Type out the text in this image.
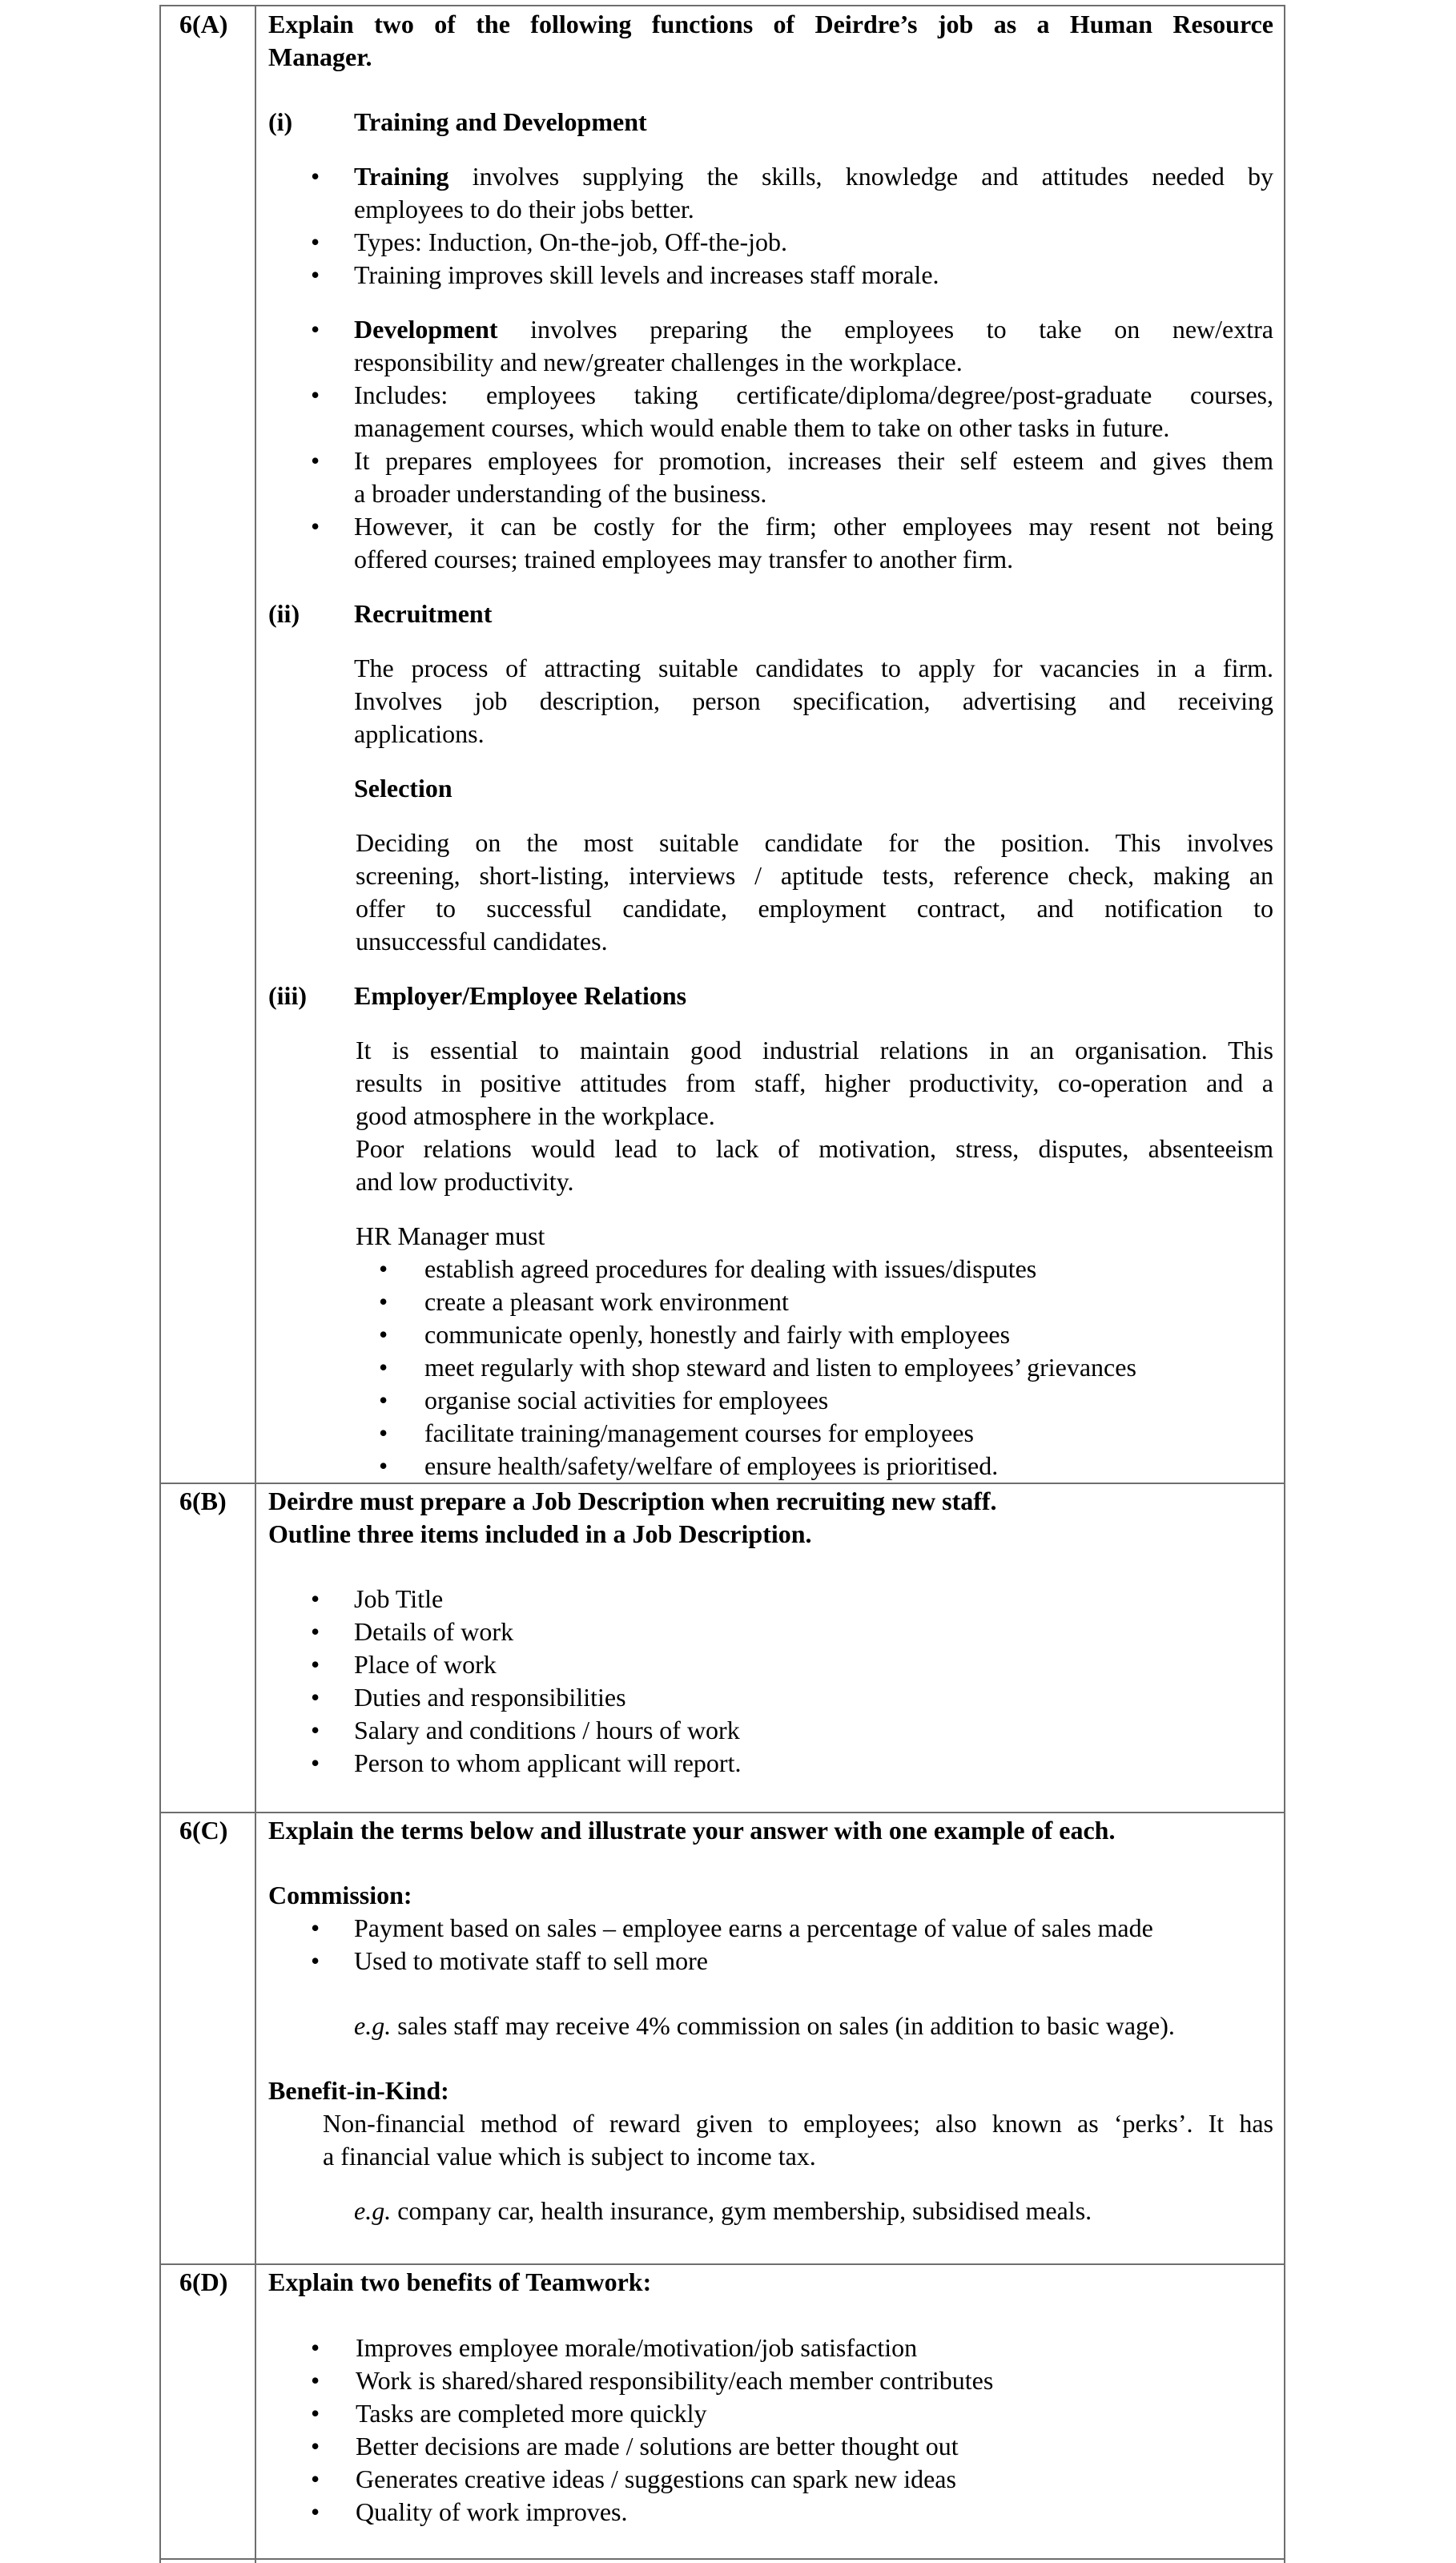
6(A) Explain two of the following functions of Deirdre’s job as a Human Resource
Manager.
(i) Training and Development
• Training involves supplying the skills, knowledge and attitudes needed by
employees to do their jobs better.
• Types: Induction, On-the-job, Off-the-job.
• Training improves skill levels and increases staff morale.
• Development involves preparing the employees to take on new/extra
responsibility and new/greater challenges in the workplace.
• Includes: employees taking certificate/diploma/degree/post-graduate courses,
management courses, which would enable them to take on other tasks in future.
• It prepares employees for promotion, increases their self esteem and gives them
a broader understanding of the business.
• However, it can be costly for the firm; other employees may resent not being
offered courses; trained employees may transfer to another firm.
(ii) Recruitment
The process of attracting suitable candidates to apply for vacancies in a firm.
Involves job description, person specification, advertising and receiving
applications.
Selection
Deciding on the most suitable candidate for the position. This involves
screening, short-listing, interviews / aptitude tests, reference check, making an
offer to successful candidate, employment contract, and notification to
unsuccessful candidates.
(iii) Employer/Employee Relations
It is essential to maintain good industrial relations in an organisation. This
results in positive attitudes from staff, higher productivity, co-operation and a
good atmosphere in the workplace.
Poor relations would lead to lack of motivation, stress, disputes, absenteeism
and low productivity.
HR Manager must
• establish agreed procedures for dealing with issues/disputes
• create a pleasant work environment
• communicate openly, honestly and fairly with employees
• meet regularly with shop steward and listen to employees’ grievances
• organise social activities for employees
• facilitate training/management courses for employees
• ensure health/safety/welfare of employees is prioritised.
6(B) Deirdre must prepare a Job Description when recruiting new staff.
Outline three items included in a Job Description.
• Job Title
• Details of work
• Place of work
• Duties and responsibilities
• Salary and conditions / hours of work
• Person to whom applicant will report.
6(C) Explain the terms below and illustrate your answer with one example of each.
Commission:
• Payment based on sales – employee earns a percentage of value of sales made
• Used to motivate staff to sell more
e.g. sales staff may receive 4% commission on sales (in addition to basic wage).
Benefit-in-Kind:
Non-financial method of reward given to employees; also known as ‘perks’. It has
a financial value which is subject to income tax.
e.g. company car, health insurance, gym membership, subsidised meals.
6(D) Explain two benefits of Teamwork:
• Improves employee morale/motivation/job satisfaction
• Work is shared/shared responsibility/each member contributes
• Tasks are completed more quickly
• Better decisions are made / solutions are better thought out
• Generates creative ideas / suggestions can spark new ideas
• Quality of work improves.
